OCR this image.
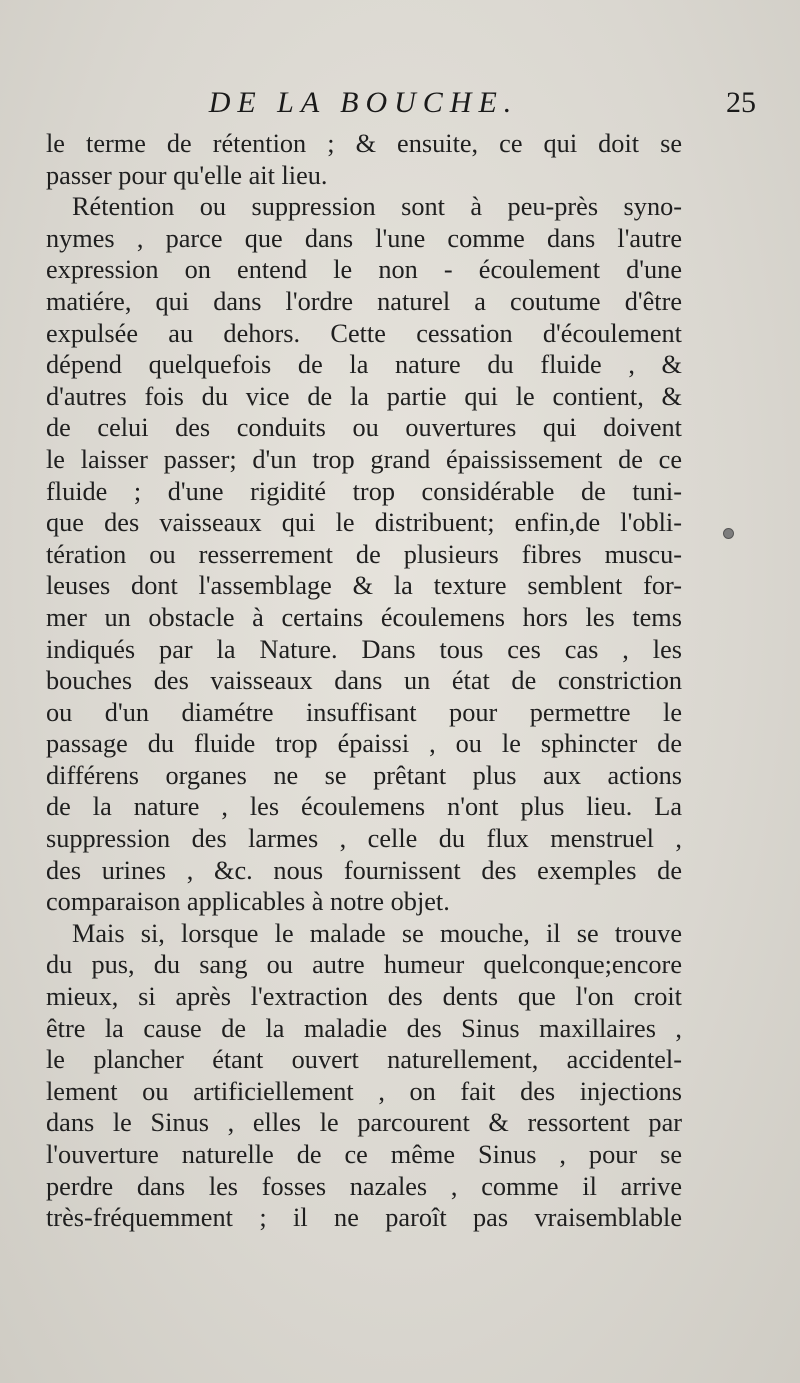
DE LA BOUCHE.	25
le terme de rétention ; & ensuite, ce qui doit se
passer pour qu'elle ait lieu.
Rétention ou suppression sont à peu-près syno-
nymes , parce que dans l'une comme dans l'autre
expression on entend le non - écoulement d'une
matiére, qui dans l'ordre naturel a coutume d'être
expulsée au dehors. Cette cessation d'écoulement
dépend quelquefois de la nature du fluide , &
d'autres fois du vice de la partie qui le contient, &
de celui des conduits ou ouvertures qui doivent
le laisser passer; d'un trop grand épaississement de ce
fluide ; d'une rigidité trop considérable de tuni-
que des vaisseaux qui le distribuent; enfin,de l'obli-
tération ou resserrement de plusieurs fibres muscu-
leuses dont l'assemblage & la texture semblent for-
mer un obstacle à certains écoulemens hors les tems
indiqués par la Nature. Dans tous ces cas , les
bouches des vaisseaux dans un état de constriction
ou d'un diamétre insuffisant pour permettre le
passage du fluide trop épaissi , ou le sphincter de
différens organes ne se prêtant plus aux actions
de la nature , les écoulemens n'ont plus lieu. La
suppression des larmes , celle du flux menstruel ,
des urines , &c. nous fournissent des exemples de
comparaison applicables à notre objet.
Mais si, lorsque le malade se mouche, il se trouve
du pus, du sang ou autre humeur quelconque;encore
mieux, si après l'extraction des dents que l'on croit
être la cause de la maladie des Sinus maxillaires ,
le plancher étant ouvert naturellement, accidentel-
lement ou artificiellement , on fait des injections
dans le Sinus , elles le parcourent & ressortent par
l'ouverture naturelle de ce même Sinus , pour se
perdre dans les fosses nazales , comme il arrive
très-fréquemment ; il ne paroît pas vraisemblable
